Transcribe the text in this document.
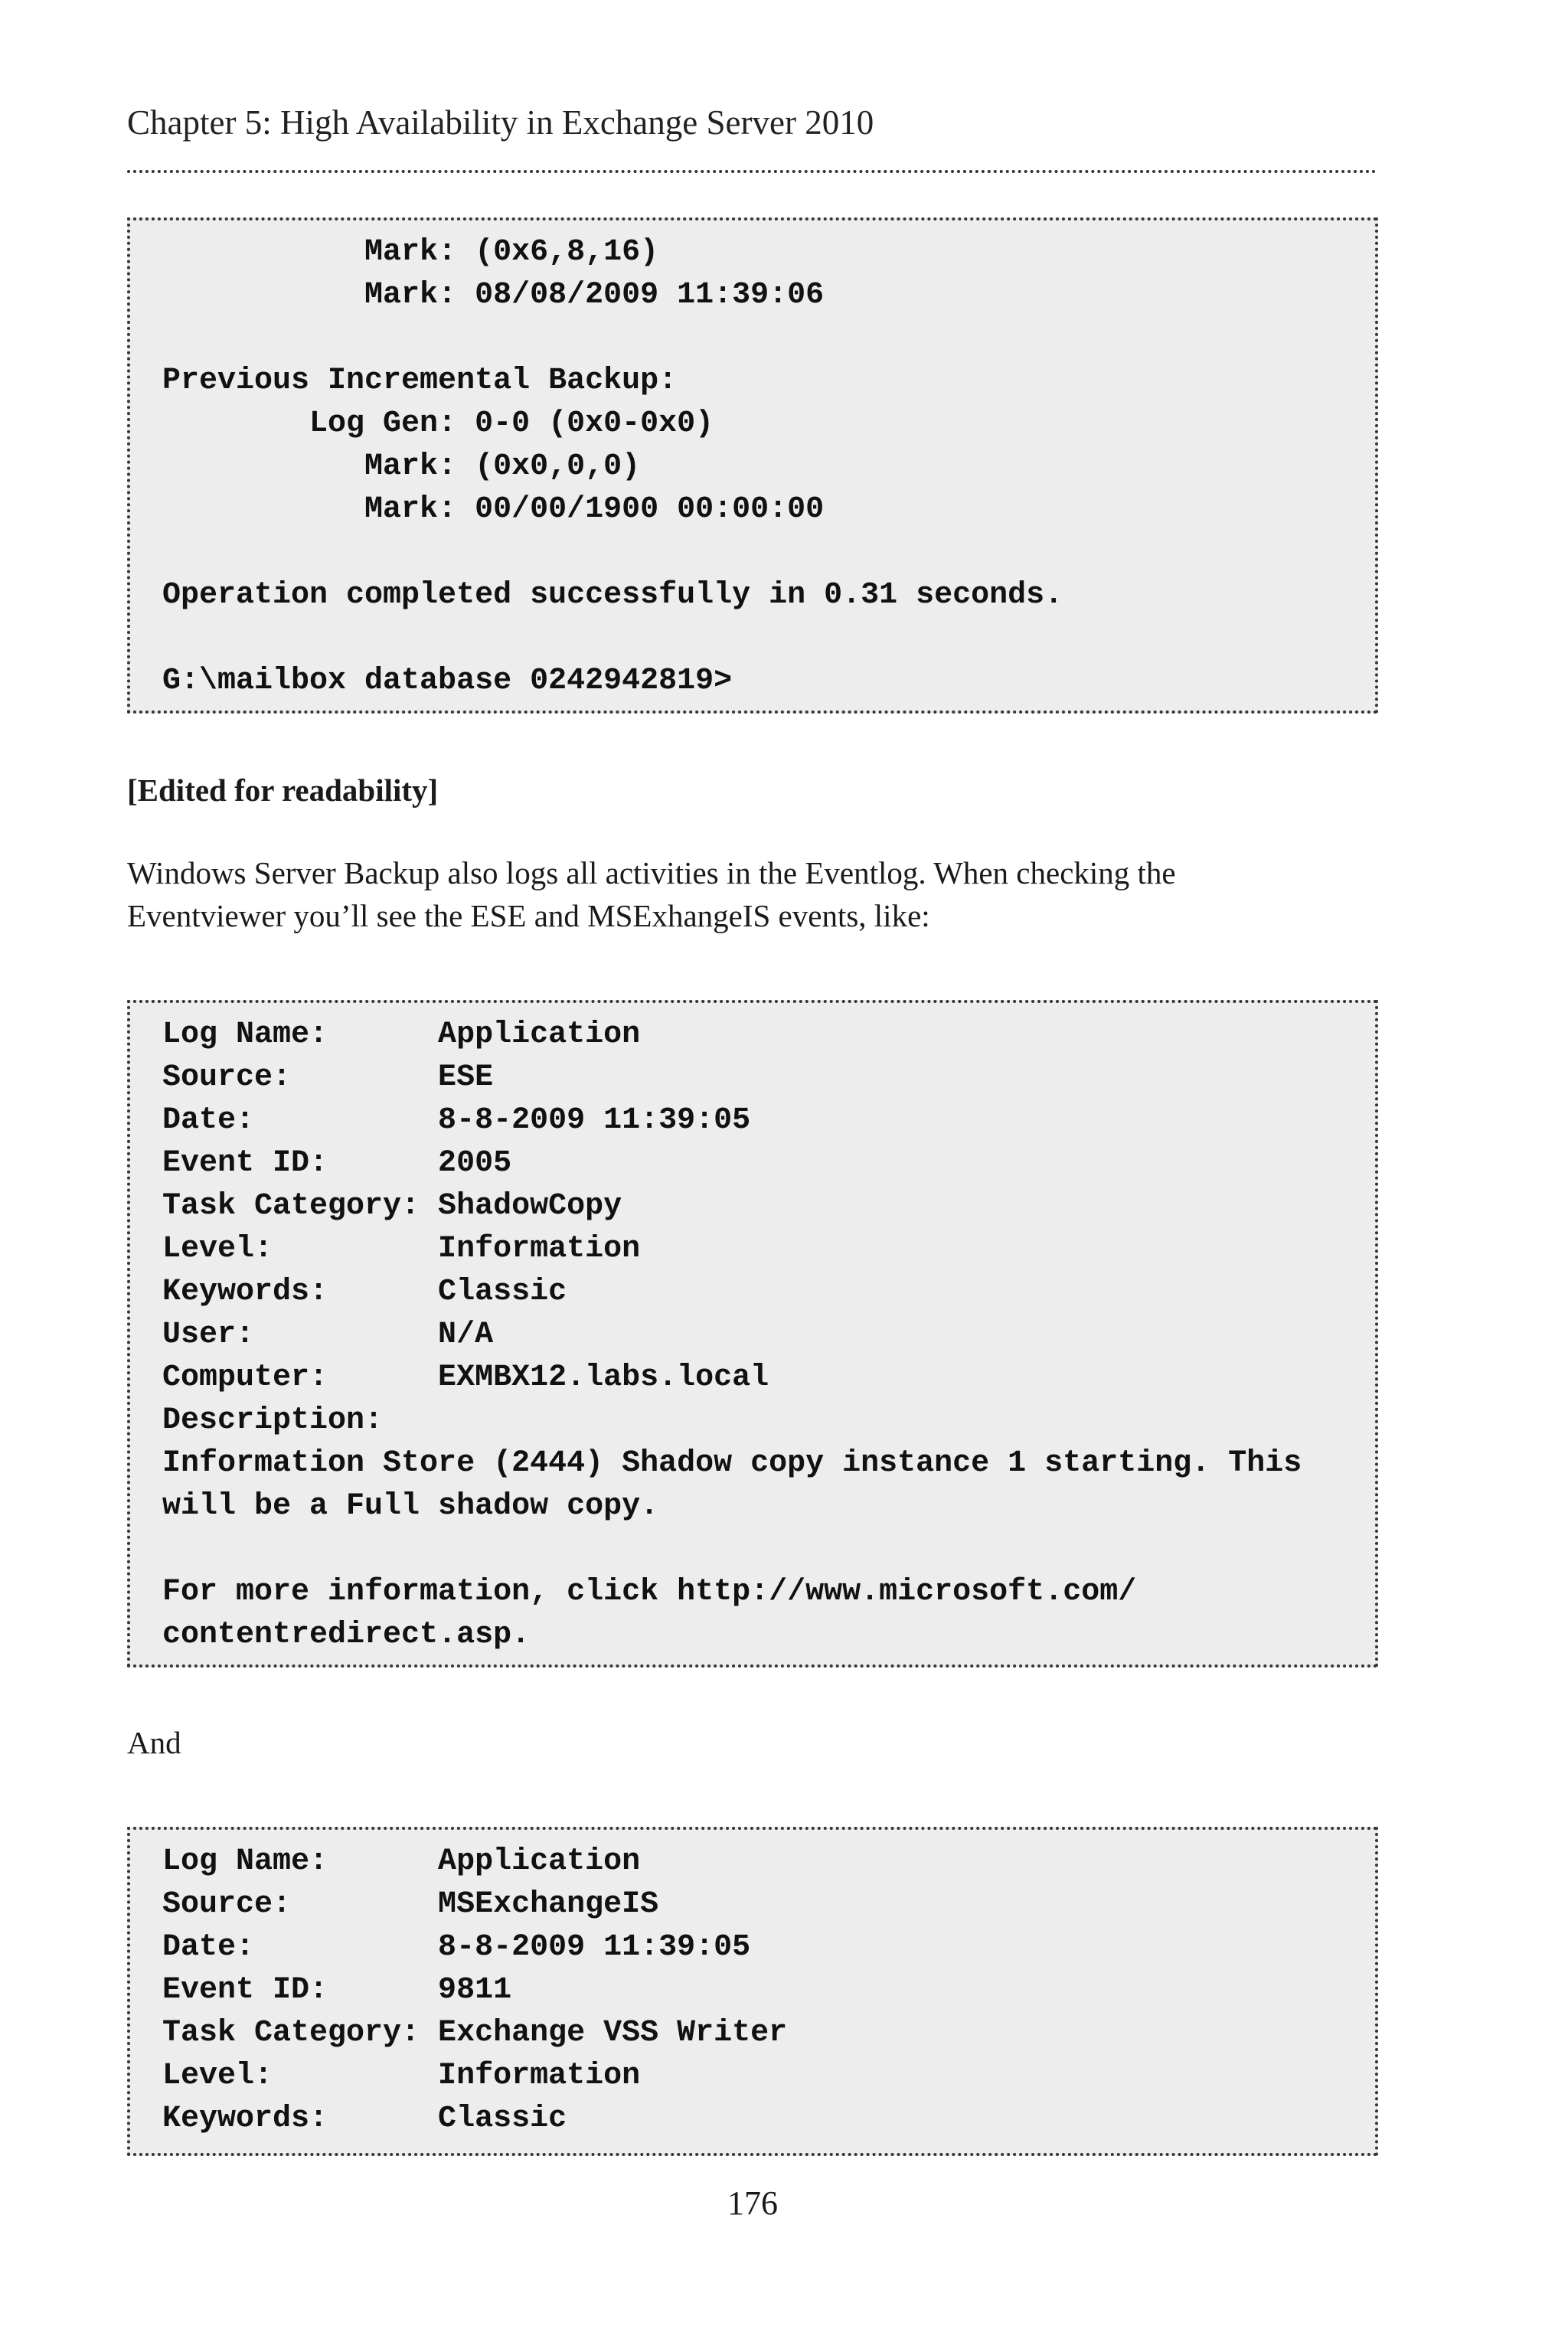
Chapter 5: High Availability in Exchange Server 2010
Mark: (0x6,8,16)
Mark: 08/08/2009 11:39:06
Previous Incremental Backup:
Log Gen: 0-0 (0x0-0x0)
Mark: (0x0,0,0)
Mark: 00/00/1900 00:00:00
Operation completed successfully in 0.31 seconds.
G:\mailbox database 0242942819>
[Edited for readability]
Windows Server Backup also logs all activities in the Eventlog. When checking the
Eventviewer you’ll see the ESE and MSExhangeIS events, like:
Log Name:      Application
Source:        ESE
Date:          8-8-2009 11:39:05
Event ID:      2005
Task Category: ShadowCopy
Level:         Information
Keywords:      Classic
User:          N/A
Computer:      EXMBX12.labs.local
Description:
Information Store (2444) Shadow copy instance 1 starting. This
will be a Full shadow copy.
For more information, click http://www.microsoft.com/
contentredirect.asp.
And
Log Name:      Application
Source:        MSExchangeIS
Date:          8-8-2009 11:39:05
Event ID:      9811
Task Category: Exchange VSS Writer
Level:         Information
Keywords:      Classic
176
